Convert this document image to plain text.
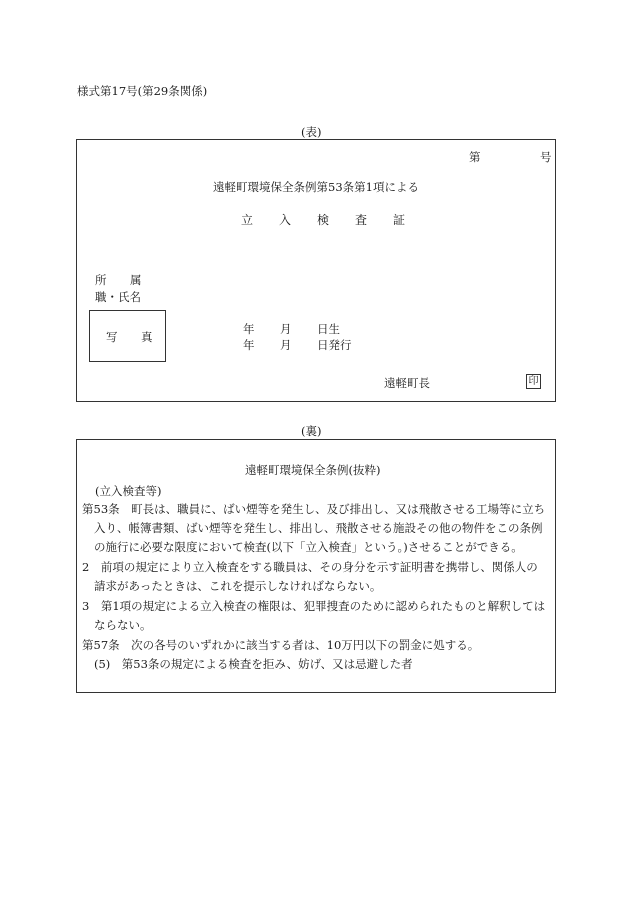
様式第17号(第29条関係)
(表)
第	号
遠軽町環境保全条例第53条第1項による
立 入 検 査 証
所 属
職・氏名
写 真
年 月 日生
年 月 日発行
遠軽町長	印
(裏)
遠軽町環境保全条例(抜粋)
(立入検査等)
第53条　町長は、職員に、ばい煙等を発生し、及び排出し、又は飛散させる工場等に立ち
入り、帳簿書類、ばい煙等を発生し、排出し、飛散させる施設その他の物件をこの条例
の施行に必要な限度において検査(以下「立入検査」という。)させることができる。
2　前項の規定により立入検査をする職員は、その身分を示す証明書を携帯し、関係人の
請求があったときは、これを提示しなければならない。
3　第1項の規定による立入検査の権限は、犯罪捜査のために認められたものと解釈しては
ならない。
第57条　次の各号のいずれかに該当する者は、10万円以下の罰金に処する。
(5)　第53条の規定による検査を拒み、妨げ、又は忌避した者
